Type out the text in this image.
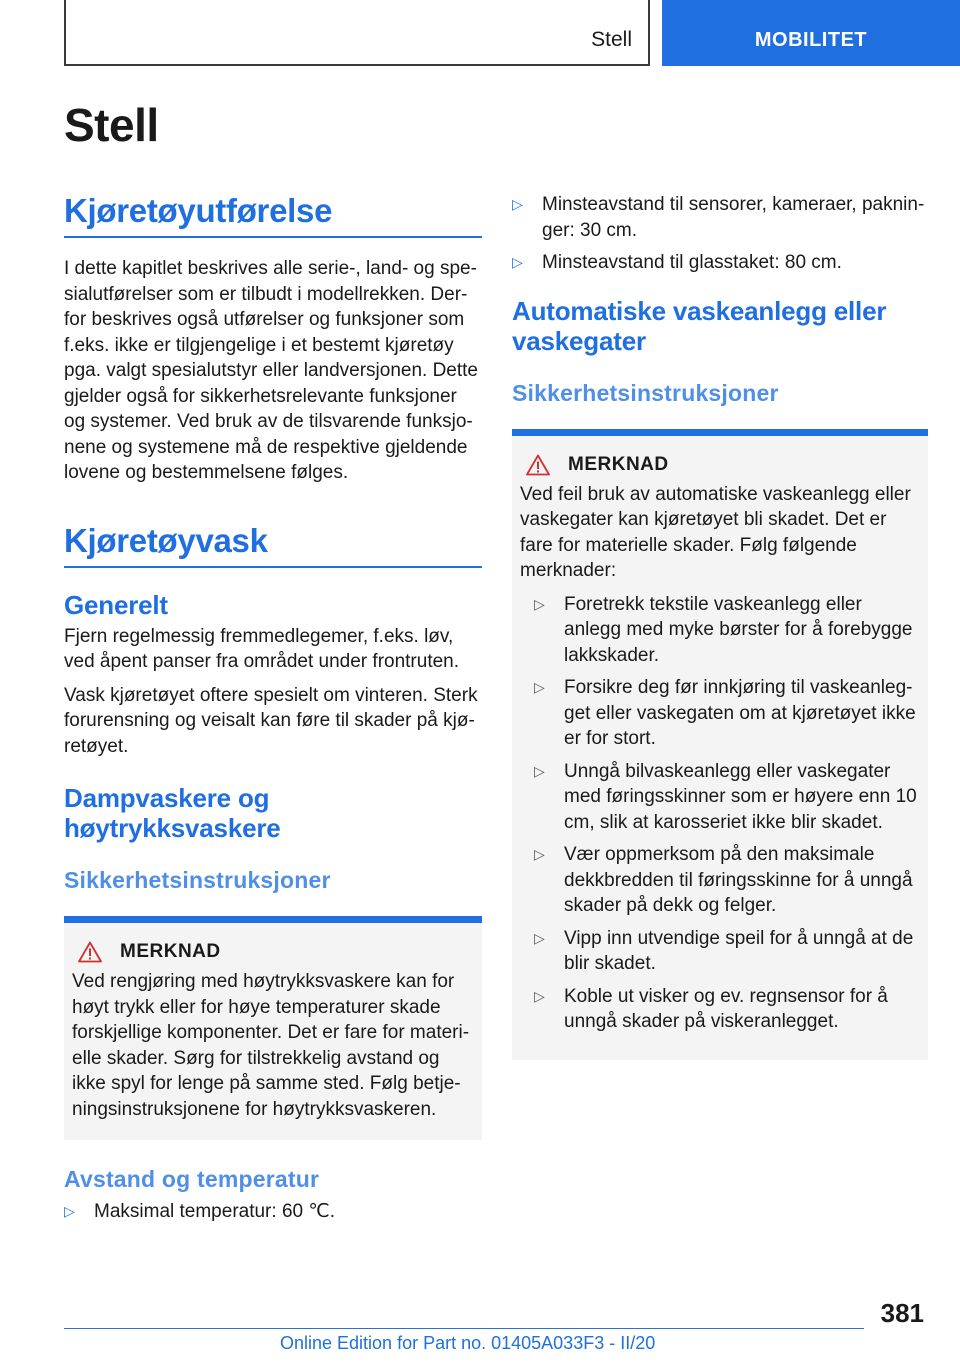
Stell	MOBILITET
Stell
Kjøretøyutførelse

I dette kapitlet beskrives alle serie-, land- og spesialutførelser som er tilbudt i modellrekken. Derfor beskrives også utførelser og funksjoner som f.eks. ikke er tilgjengelige i et bestemt kjøretøy pga. valgt spesialutstyr eller landversjonen. Dette gjelder også for sikkerhetsrelevante funksjoner og systemer. Ved bruk av de tilsvarende funksjonene og systemene må de respektive gjeldende lovene og bestemmelsene følges.

Kjøretøyvask
Generelt

Fjern regelmessig fremmedlegemer, f.eks. løv, ved åpent panser fra området under frontruten.

Vask kjøretøyet oftere spesielt om vinteren. Sterk forurensning og veisalt kan føre til skader på kjøretøyet.

Dampvaskere og høytrykksvaskere
Sikkerhetsinstruksjoner
MERKNAD

Ved rengjøring med høytrykksvaskere kan for høyt trykk eller for høye temperaturer skade forskjellige komponenter. Det er fare for materielle skader. Sørg for tilstrekkelig avstand og ikke spyl for lenge på samme sted. Følg betjeningsinstruksjonene for høytrykksvaskeren.

Avstand og temperatur
▷ Maksimal temperatur: 60 ℃.
▷ Minsteavstand til sensorer, kameraer, pakninger: 30 cm.
▷ Minsteavstand til glasstaket: 80 cm.
Automatiske vaskeanlegg eller vaskegater
Sikkerhetsinstruksjoner
MERKNAD

Ved feil bruk av automatiske vaskeanlegg eller vaskegater kan kjøretøyet bli skadet. Det er fare for materielle skader. Følg følgende merknader:

▷ Foretrekk tekstile vaskeanlegg eller anlegg med myke børster for å forebygge lakkskader.
▷ Forsikre deg før innkjøring til vaskeanlegget eller vaskegaten om at kjøretøyet ikke er for stort.
▷ Unngå bilvaskeanlegg eller vaskegater med føringsskinner som er høyere enn 10 cm, slik at karosseriet ikke blir skadet.
▷ Vær oppmerksom på den maksimale dekkbredden til føringsskinne for å unngå skader på dekk og felger.
▷ Vipp inn utvendige speil for å unngå at de blir skadet.
▷ Koble ut visker og ev. regnsensor for å unngå skader på viskeranlegget.
381
Online Edition for Part no. 01405A033F3 - II/20
